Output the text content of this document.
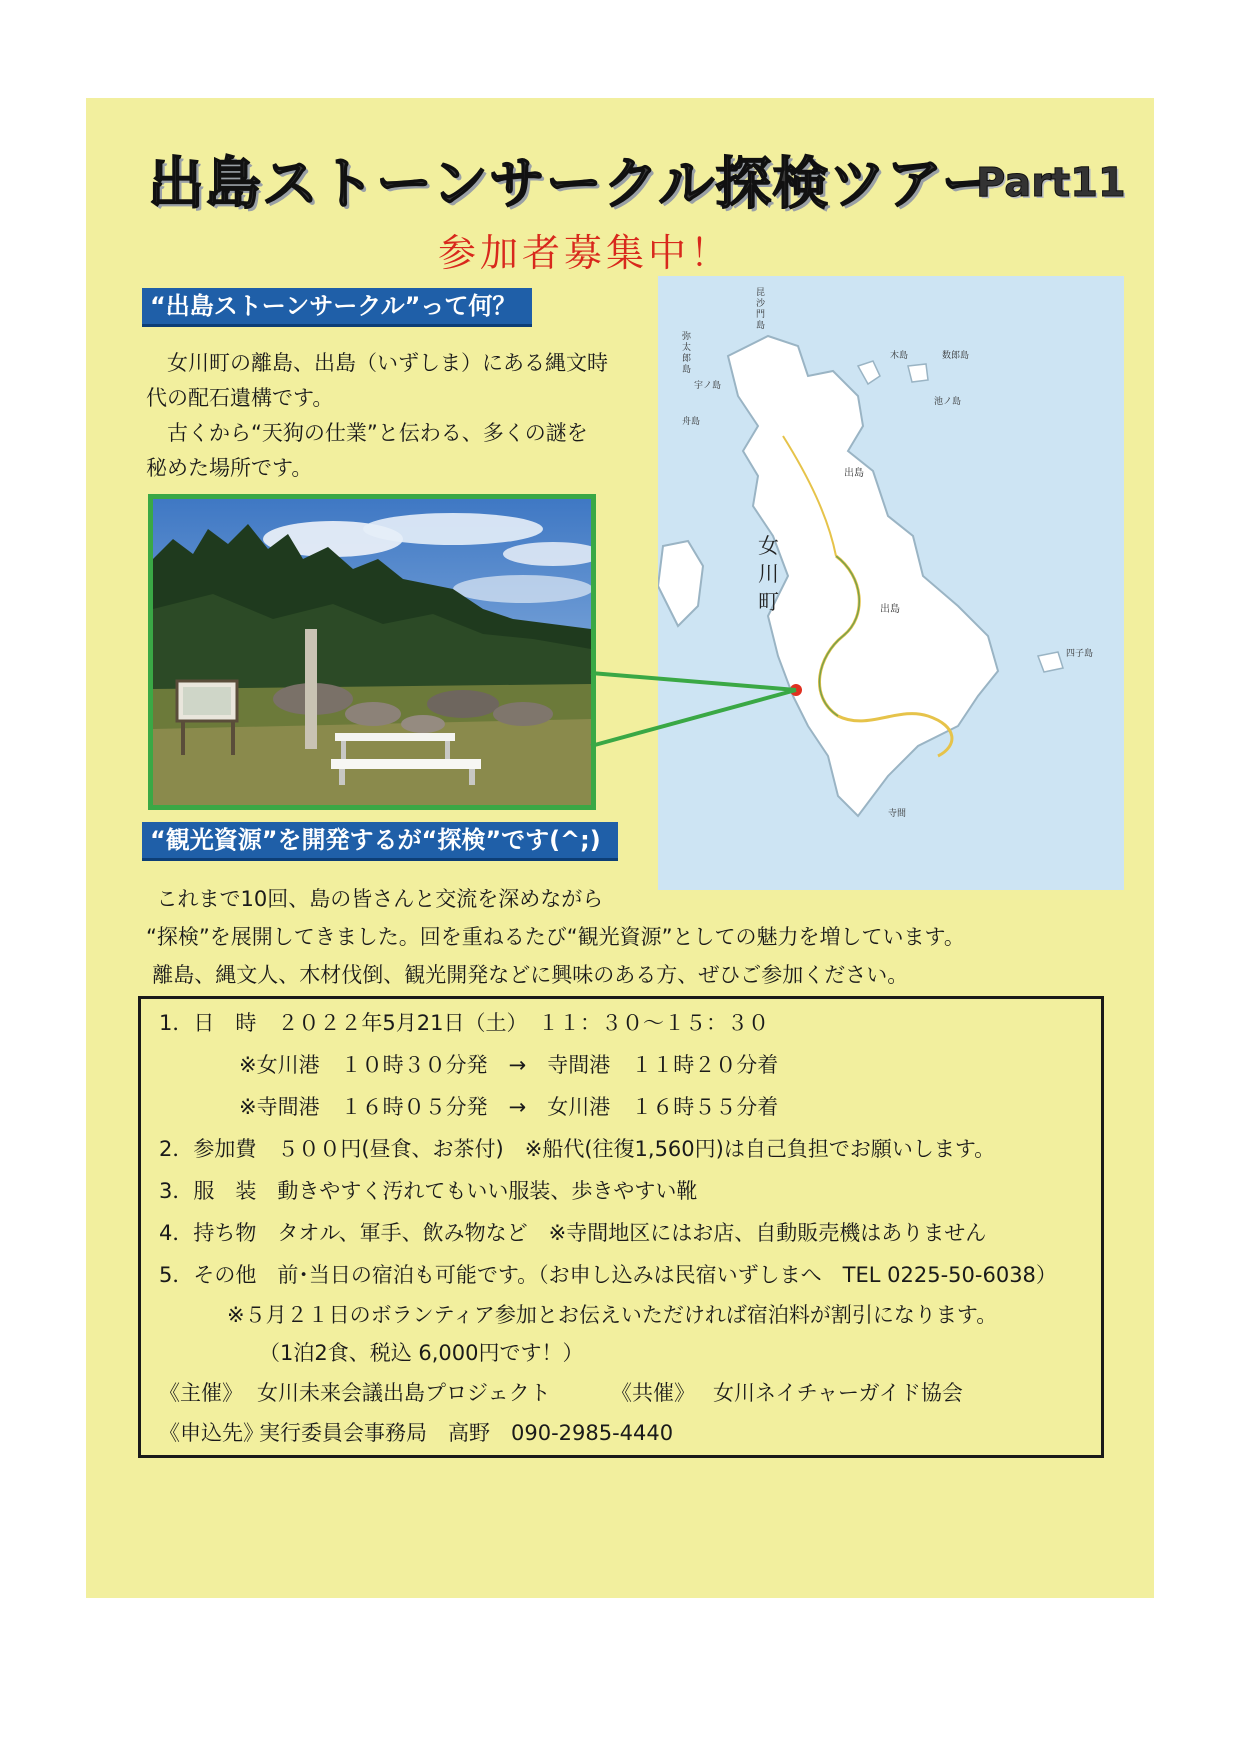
出島ストーンサークル探検ツアー
Part11
参加者募集中！
“出島ストーンサークル”って何？

女川町の離島、出島（いずしま）にある縄文時

代の配石遺構です。

古くから“天狗の仕業”と伝わる、多くの謎を

秘めた場所です。

女川町
出島
出島
四子島
木島
池ノ島
寺間
昆沙門島
弥太郎島
宇ノ島
舟島
数郎島
“観光資源”を開発するが“探検”です(^;)

これまで10回、島の皆さんと交流を深めながら

“探検”を展開してきました。回を重ねるたび“観光資源”としての魅力を増しています。

離島、縄文人、木材伐倒、観光開発などに興味のある方、ぜひご参加ください。

1．日　時　２０２２年5月21日（土）　１１：３０〜１５：３０

※女川港　１０時３０分発　→　寺間港　１１時２０分着

※寺間港　１６時０５分発　→　女川港　１６時５５分着

2．参加費　５００円(昼食、お茶付)　※船代(往復1,560円)は自己負担でお願いします。

3．服　装　動きやすく汚れてもいい服装、歩きやすい靴

4．持ち物　タオル、軍手、飲み物など　※寺間地区にはお店、自動販売機はありません

5．その他　前･当日の宿泊も可能です。（お申し込みは民宿いずしまへ　TEL 0225-50-6038）

※５月２１日のボランティア参加とお伝えいただければ宿泊料が割引になります。

（1泊2食、税込 6,000円です！）

《主催》 女川未来会議出島プロジェクト	《共催》 女川ネイチャーガイド協会

《申込先》

実行委員会事務局　高野　090-2985-4440
